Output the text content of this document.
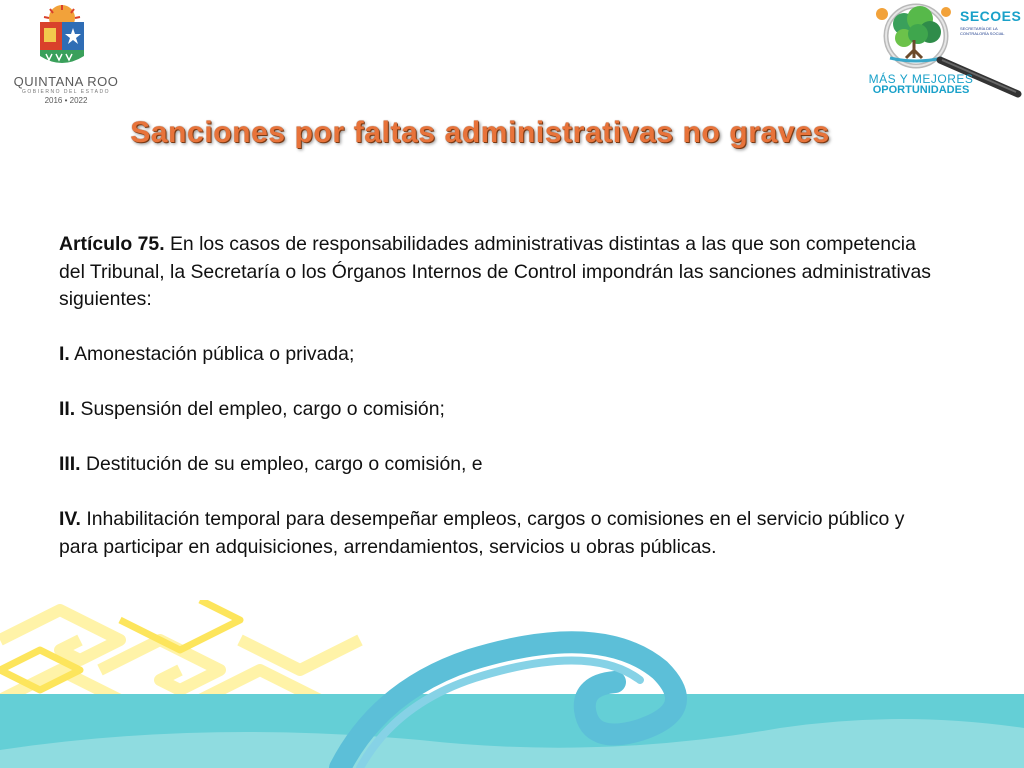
QUINTANA ROO
GOBIERNO DEL ESTADO
2016 • 2022
SECOES
SECRETARÍA DE LA CONTRALORÍA SOCIAL
MÁS Y MEJORES
OPORTUNIDADES
Sanciones por faltas administrativas no graves

Artículo 75. En los casos de responsabilidades administrativas distintas a las que son competencia del Tribunal, la Secretaría o los Órganos Internos de Control impondrán las sanciones administrativas siguientes:

I. Amonestación pública o privada;

II. Suspensión del empleo, cargo o comisión;

III. Destitución de su empleo, cargo o comisión, e

IV. Inhabilitación temporal para desempeñar empleos, cargos o comisiones en el servicio público y para participar en adquisiciones, arrendamientos, servicios u obras públicas.
